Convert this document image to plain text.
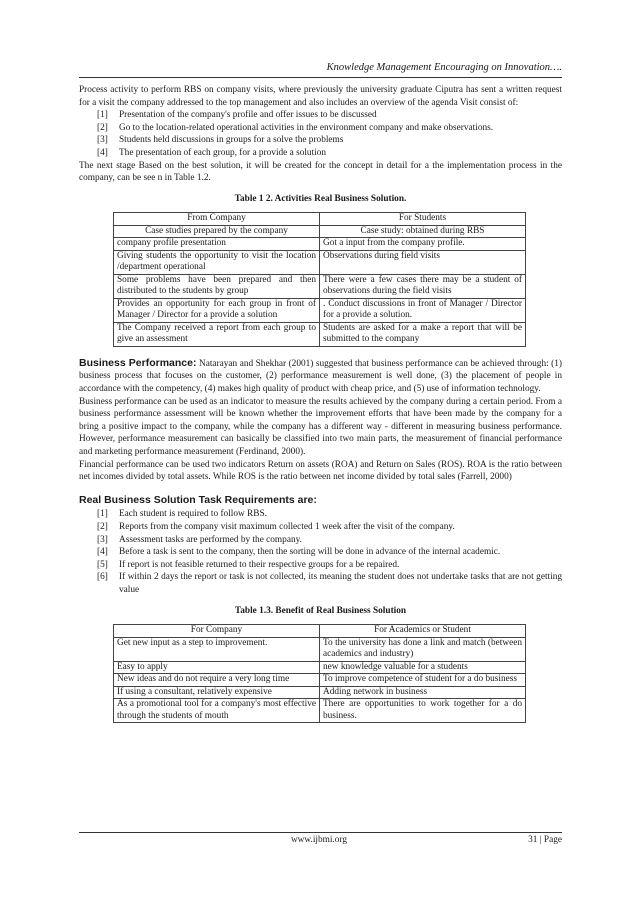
Knowledge Management Encouraging on Innovation….

Process activity to perform RBS on company visits, where previously the university graduate Ciputra has sent a written request for a visit the company addressed to the top management and also includes an overview of the agenda Visit consist of:

[1]	Presentation of the company's profile and offer issues to be discussed
[2]	Go to the location-related operational activities in the environment company and make observations.
[3]	Students held discussions in groups for a solve the problems
[4]	The presentation of each group, for a provide a solution

The next stage Based on the best solution, it will be created for the concept in detail for a the implementation process in the company, can be see n in Table 1.2.

Table 1 2. Activities Real Business Solution.
From Company	For Students
Case studies prepared by the company	Case study: obtained during RBS
company profile presentation	Got a input from the company profile.
Giving students the opportunity to visit the location /department operational	Observations during field visits
Some problems have been prepared and then distributed to the students by group	There were a few cases there may be a student of observations during the field visits
Provides an opportunity for each group in front of Manager / Director for a provide a solution	. Conduct discussions in front of Manager / Director for a provide a solution.
The Company received a report from each group to give an assessment	Students are asked for a make a report that will be submitted to the company

Business Performance: Natarayan and Shekhar (2001) suggested that business performance can be achieved through: (1) business process that focuses on the customer, (2) performance measurement is well done, (3) the placement of people in accordance with the competency, (4) makes high quality of product with cheap price, and (5) use of information technology.

Business performance can be used as an indicator to measure the results achieved by the company during a certain period. From a business performance assessment will be known whether the improvement efforts that have been made by the company for a bring a positive impact to the company, while the company has a different way - different in measuring business performance. However, performance measurement can basically be classified into two main parts, the measurement of financial performance and marketing performance measurement (Ferdinand, 2000).

Financial performance can be used two indicators Return on assets (ROA) and Return on Sales (ROS). ROA is the ratio between net incomes divided by total assets. While ROS is the ratio between net income divided by total sales (Farrell, 2000)

Real Business Solution Task Requirements are:
[1]	Each student is required to follow RBS.
[2]	Reports from the company visit maximum collected 1 week after the visit of the company.
[3]	Assessment tasks are performed by the company.
[4]	Before a task is sent to the company, then the sorting will be done in advance of the internal academic.
[5]	If report is not feasible returned to their respective groups for a be repaired.
[6]	If within 2 days the report or task is not collected, its meaning the student does not undertake tasks that are not getting value
Table 1.3. Benefit of Real Business Solution
For Company	For Academics or Student
Get new input as a step to improvement.	To the university has done a link and match (between academics and industry)
Easy to apply	new knowledge valuable for a students
New ideas and do not require a very long time	To improve competence of student for a do business
If using a consultant, relatively expensive	Adding network in business
As a promotional tool for a company's most effective through the students of mouth	There are opportunities to work together for a do business.
www.ijbmi.org	31 | Page
